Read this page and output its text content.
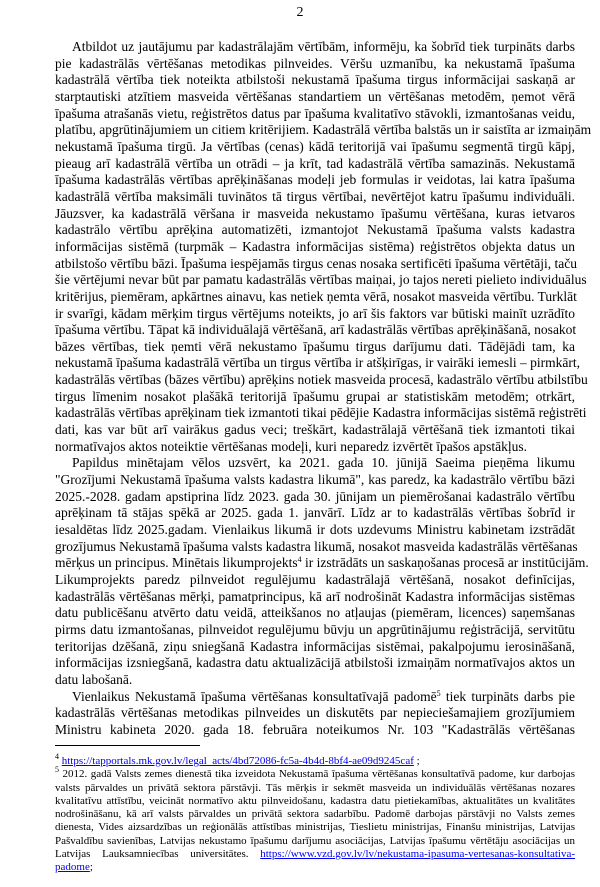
2
Atbildot uz jautājumu par kadastrālajām vērtībām, informēju, ka šobrīd tiek turpināts darbs
pie kadastrālās vērtēšanas metodikas pilnveides. Vēršu uzmanību, ka nekustamā īpašuma
kadastrālā vērtība tiek noteikta atbilstoši nekustamā īpašuma tirgus informācijai saskaņā ar
starptautiski atzītiem masveida vērtēšanas standartiem un vērtēšanas metodēm, ņemot vērā
īpašuma atrašanās vietu, reģistrētos datus par īpašuma kvalitatīvo stāvokli, izmantošanas veidu,
platību, apgrūtinājumiem un citiem kritērijiem. Kadastrālā vērtība balstās un ir saistīta ar izmaiņām
nekustamā īpašuma tirgū. Ja vērtības (cenas) kādā teritorijā vai īpašumu segmentā tirgū kāpj,
pieaug arī kadastrālā vērtība un otrādi – ja krīt, tad kadastrālā vērtība samazinās. Nekustamā
īpašuma kadastrālās vērtības aprēķināšanas modeļi jeb formulas ir veidotas, lai katra īpašuma
kadastrālā vērtība maksimāli tuvinātos tā tirgus vērtībai, nevērtējot katru īpašumu individuāli.
Jāuzsver, ka kadastrālā vēršana ir masveida nekustamo īpašumu vērtēšana, kuras ietvaros
kadastrālo vērtību aprēķina automatizēti, izmantojot Nekustamā īpašuma valsts kadastra
informācijas sistēmā (turpmāk – Kadastra informācijas sistēma) reģistrētos objekta datus un
atbilstošo vērtību bāzi. Īpašuma iespējamās tirgus cenas nosaka sertificēti īpašuma vērtētāji, taču
šie vērtējumi nevar būt par pamatu kadastrālās vērtības maiņai, jo tajos nereti pielieto individuālus
kritērijus, piemēram, apkārtnes ainavu, kas netiek ņemta vērā, nosakot masveida vērtību. Turklāt
ir svarīgi, kādam mērķim tirgus vērtējums noteikts, jo arī šis faktors var būtiski mainīt uzrādīto
īpašuma vērtību. Tāpat kā individuālajā vērtēšanā, arī kadastrālās vērtības aprēķināšanā, nosakot
bāzes vērtības, tiek ņemti vērā nekustamo īpašumu tirgus darījumu dati. Tādējādi tam, ka
nekustamā īpašuma kadastrālā vērtība un tirgus vērtība ir atšķirīgas, ir vairāki iemesli – pirmkārt,
kadastrālās vērtības (bāzes vērtību) aprēķins notiek masveida procesā, kadastrālo vērtību atbilstību
tirgus līmenim nosakot plašākā teritorijā īpašumu grupai ar statistiskām metodēm; otrkārt,
kadastrālās vērtības aprēķinam tiek izmantoti tikai pēdējie Kadastra informācijas sistēmā reģistrēti
dati, kas var būt arī vairākus gadus veci; treškārt, kadastrālajā vērtēšanā tiek izmantoti tikai
normatīvajos aktos noteiktie vērtēšanas modeļi, kuri neparedz izvērtēt īpašos apstākļus.
Papildus minētajam vēlos uzsvērt, ka 2021. gada 10. jūnijā Saeima pieņēma likumu
"Grozījumi Nekustamā īpašuma valsts kadastra likumā", kas paredz, ka kadastrālo vērtību bāzi
2025.-2028. gadam apstiprina līdz 2023. gada 30. jūnijam un piemērošanai kadastrālo vērtību
aprēķinam tā stājas spēkā ar 2025. gada 1. janvārī. Līdz ar to kadastrālās vērtības šobrīd ir
iesaldētas līdz 2025.gadam. Vienlaikus likumā ir dots uzdevums Ministru kabinetam izstrādāt
grozījumus Nekustamā īpašuma valsts kadastra likumā, nosakot masveida kadastrālās vērtēšanas
mērķus un principus. Minētais likumprojekts$^4$ ir izstrādāts un saskaņošanas procesā ar institūcijām.
Likumprojekts paredz pilnveidot regulējumu kadastrālajā vērtēšanā, nosakot definīcijas,
kadastrālās vērtēšanas mērķi, pamatprincipus, kā arī nodrošināt Kadastra informācijas sistēmas
datu publicēšanu atvērto datu veidā, atteikšanos no atļaujas (piemēram, licences) saņemšanas
pirms datu izmantošanas, pilnveidot regulējumu būvju un apgrūtinājumu reģistrācijā, servitūtu
teritorijas dzēšanā, ziņu sniegšanā Kadastra informācijas sistēmai, pakalpojumu ierosināšanā,
informācijas izsniegšanā, kadastra datu aktualizācijā atbilstoši izmaiņām normatīvajos aktos un
datu labošanā.
Vienlaikus Nekustamā īpašuma vērtēšanas konsultatīvajā padomē$^5$ tiek turpināts darbs pie
kadastrālās vērtēšanas metodikas pilnveides un diskutēts par nepieciešamajiem grozījumiem
Ministru kabineta 2020. gada 18. februāra noteikumos Nr. 103 "Kadastrālās vērtēšanas
$^4$ https://tapportals.mk.gov.lv/legal_acts/4bd72086-fc5a-4b4d-8bf4-ae09d9245caf ;
$^5$ 2012. gadā Valsts zemes dienestā tika izveidota Nekustamā īpašuma vērtēšanas konsultatīvā padome, kur darbojas
valsts pārvaldes un privātā sektora pārstāvji. Tās mērķis ir sekmēt masveida un individuālās vērtēšanas nozares
kvalitatīvu attīstību, veicināt normatīvo aktu pilnveidošanu, kadastra datu pietiekamības, aktualitātes un kvalitātes
nodrošināšanu, kā arī valsts pārvaldes un privātā sektora sadarbību. Padomē darbojas pārstāvji no Valsts zemes
dienesta, Vides aizsardzības un reģionālās attīstības ministrijas, Tieslietu ministrijas, Finanšu ministrijas, Latvijas
Pašvaldību savienības, Latvijas nekustamo īpašumu darījumu asociācijas, Latvijas īpašumu vērtētāju asociācijas un
Latvijas Lauksamniecības universitātes. https://www.vzd.gov.lv/lv/nekustama-ipasuma-vertesanas-konsultativa-
padome;
